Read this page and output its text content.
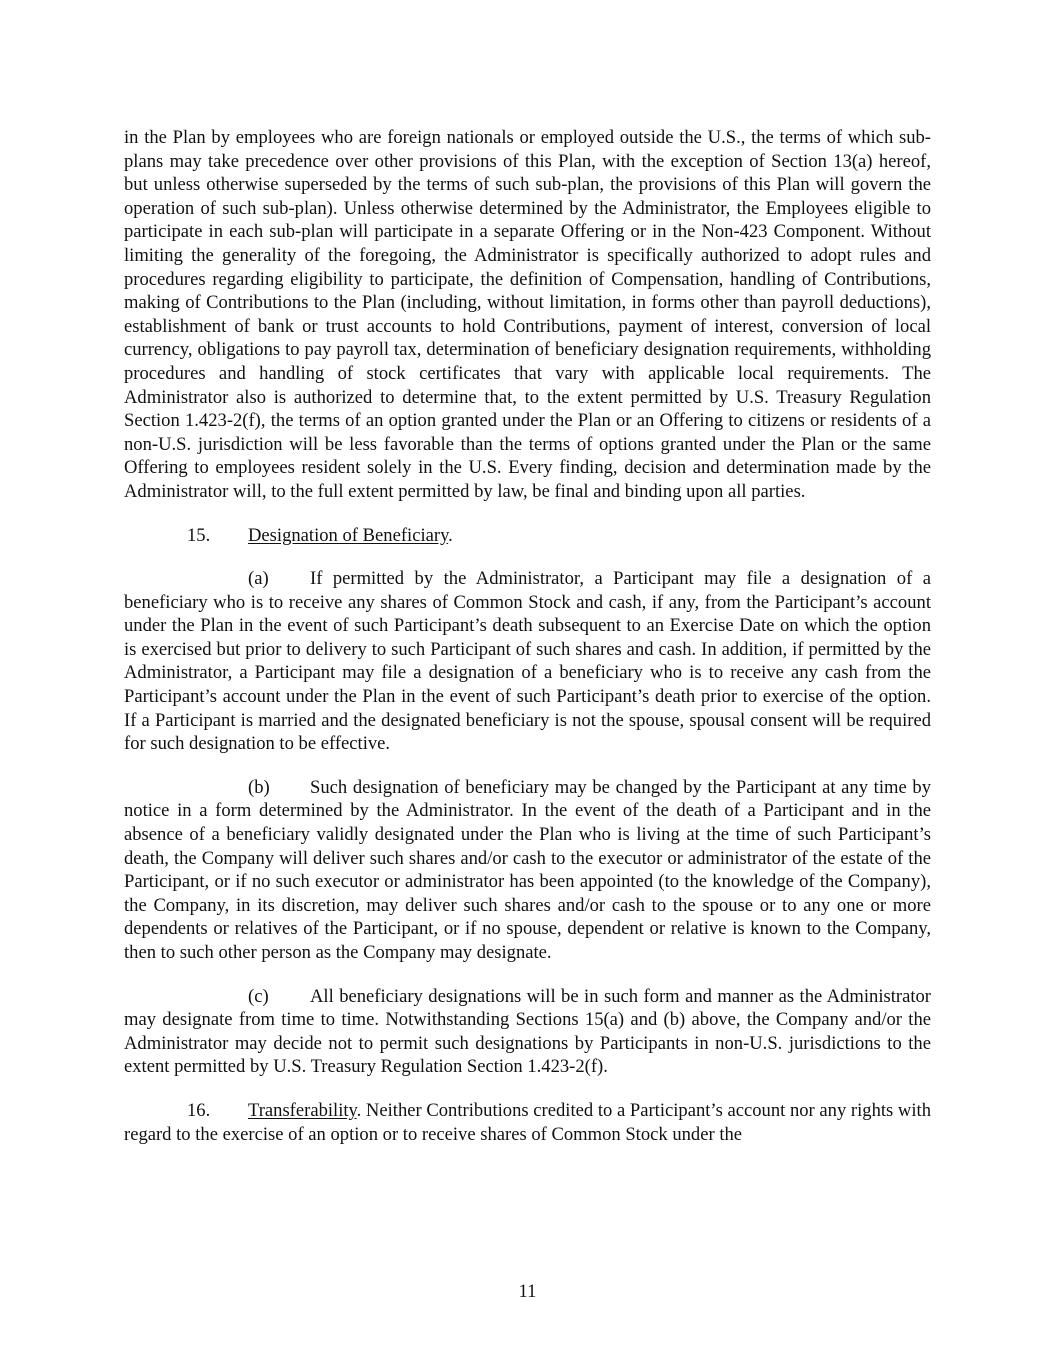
in the Plan by employees who are foreign nationals or employed outside the U.S., the terms of which sub-plans may take precedence over other provisions of this Plan, with the exception of Section 13(a) hereof, but unless otherwise superseded by the terms of such sub-plan, the provisions of this Plan will govern the operation of such sub-plan). Unless otherwise determined by the Administrator, the Employees eligible to participate in each sub-plan will participate in a separate Offering or in the Non-423 Component. Without limiting the generality of the foregoing, the Administrator is specifically authorized to adopt rules and procedures regarding eligibility to participate, the definition of Compensation, handling of Contributions, making of Contributions to the Plan (including, without limitation, in forms other than payroll deductions), establishment of bank or trust accounts to hold Contributions, payment of interest, conversion of local currency, obligations to pay payroll tax, determination of beneficiary designation requirements, withholding procedures and handling of stock certificates that vary with applicable local requirements. The Administrator also is authorized to determine that, to the extent permitted by U.S. Treasury Regulation Section 1.423-2(f), the terms of an option granted under the Plan or an Offering to citizens or residents of a non-U.S. jurisdiction will be less favorable than the terms of options granted under the Plan or the same Offering to employees resident solely in the U.S. Every finding, decision and determination made by the Administrator will, to the full extent permitted by law, be final and binding upon all parties.

15. Designation of Beneficiary.

(a) If permitted by the Administrator, a Participant may file a designation of a beneficiary who is to receive any shares of Common Stock and cash, if any, from the Participant’s account under the Plan in the event of such Participant’s death subsequent to an Exercise Date on which the option is exercised but prior to delivery to such Participant of such shares and cash. In addition, if permitted by the Administrator, a Participant may file a designation of a beneficiary who is to receive any cash from the Participant’s account under the Plan in the event of such Participant’s death prior to exercise of the option. If a Participant is married and the designated beneficiary is not the spouse, spousal consent will be required for such designation to be effective.

(b) Such designation of beneficiary may be changed by the Participant at any time by notice in a form determined by the Administrator. In the event of the death of a Participant and in the absence of a beneficiary validly designated under the Plan who is living at the time of such Participant’s death, the Company will deliver such shares and/or cash to the executor or administrator of the estate of the Participant, or if no such executor or administrator has been appointed (to the knowledge of the Company), the Company, in its discretion, may deliver such shares and/or cash to the spouse or to any one or more dependents or relatives of the Participant, or if no spouse, dependent or relative is known to the Company, then to such other person as the Company may designate.

(c) All beneficiary designations will be in such form and manner as the Administrator may designate from time to time. Notwithstanding Sections 15(a) and (b) above, the Company and/or the Administrator may decide not to permit such designations by Participants in non-U.S. jurisdictions to the extent permitted by U.S. Treasury Regulation Section 1.423-2(f).

16. Transferability. Neither Contributions credited to a Participant’s account nor any rights with regard to the exercise of an option or to receive shares of Common Stock under the

11
